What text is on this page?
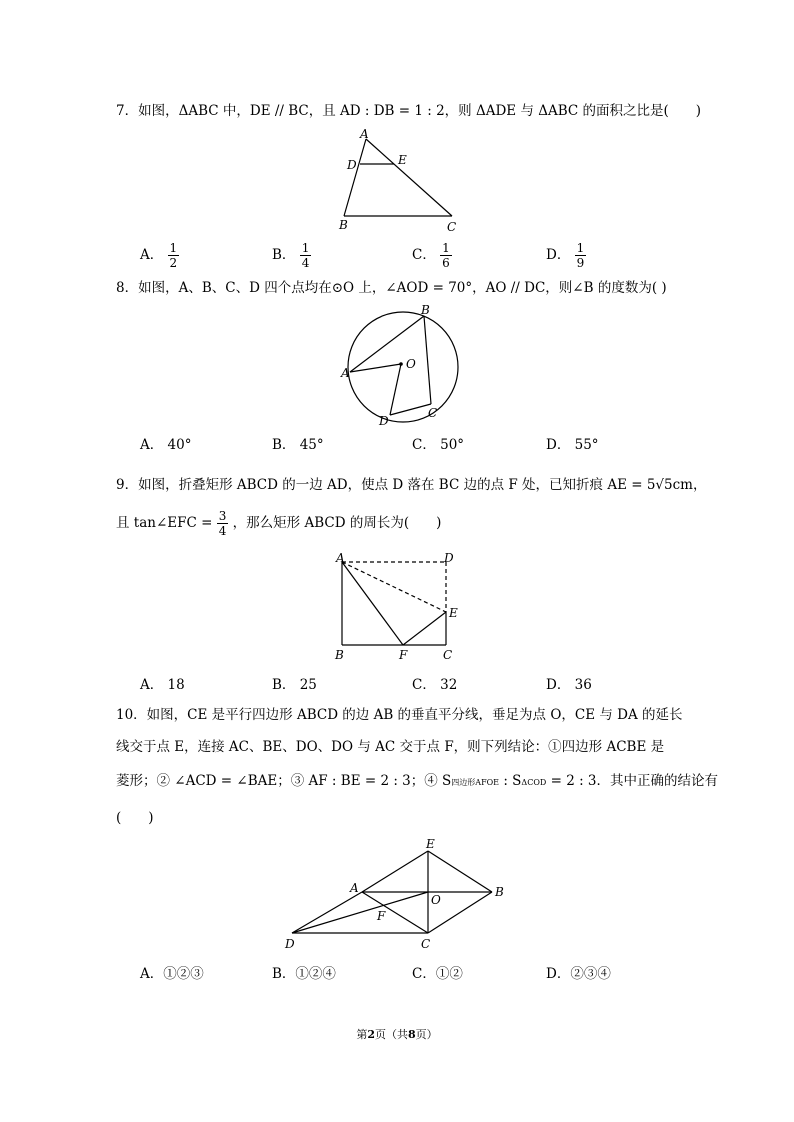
7．如图，ΔABC 中，DE // BC，且 AD : DB = 1 : 2，则 ΔADE 与 ΔABC 的面积之比是(　　)
A
D	E
B	C
A． $\frac{1}{2}$	B． $\frac{1}{4}$	C． $\frac{1}{6}$	D． $\frac{1}{9}$
8．如图，A、B、C、D 四个点均在⊙O 上，∠AOD = 70°，AO // DC，则∠B 的度数为( )
B
A
O
C
D
A． 40°	B． 45°	C． 50°	D． 55°
9．如图，折叠矩形 ABCD 的一边 AD，使点 D 落在 BC 边的点 F 处，已知折痕 AE = 5√5cm，
且 tan∠EFC = $\frac{3}{4}$ ，那么矩形 ABCD 的周长为(　　)
A	D
E
B	F	C
A． 18	B． 25	C． 32	D． 36
10．如图，CE 是平行四边形 ABCD 的边 AB 的垂直平分线，垂足为点 O，CE 与 DA 的延长
线交于点 E，连接 AC、BE、DO、DO 与 AC 交于点 F，则下列结论：①四边形 ACBE 是
菱形；② ∠ACD = ∠BAE；③ AF : BE = 2 : 3；④ S四边形AFOE : SΔCOD = 2 : 3．其中正确的结论有
(　　)
E
A	B
O
F
D	C
A．①②③	B．①②④	C．①②	D．②③④
第2页（共8页）
